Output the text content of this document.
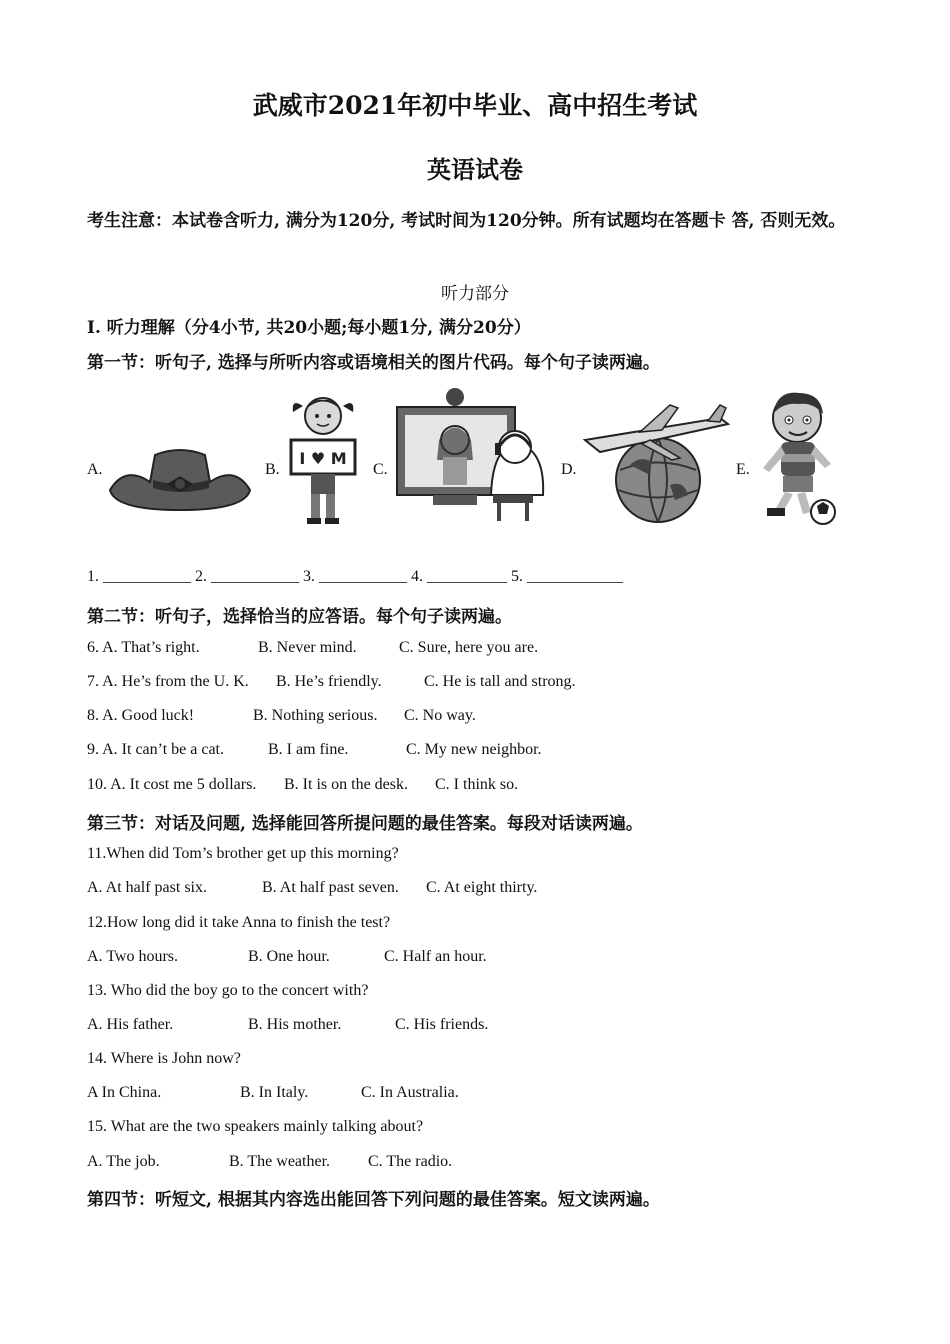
武威市2021年初中毕业、高中招生考试
英语试卷
考生注意：本试卷含听力, 满分为120分, 考试时间为120分钟。所有试题均在答题卡 答, 否则无效。
听力部分
I. 听力理解（分4小节, 共20小题;每小题1分, 满分20分）
第一节：听句子, 选择与所听内容或语境相关的图片代码。每个句子读两遍。
A.	B.
I ♥ M
C.	D.	E.
1. ___________ 2. ___________ 3. ___________ 4. __________ 5. ____________
第二节：听句子，选择恰当的应答语。每个句子读两遍。
6. A. That’s right.	B. Never mind.	C. Sure, here you are.
7. A. He’s from the U. K. B. He’s friendly.	C. He is tall and strong.
8. A. Good luck!	B. Nothing serious. C. No way.
9. A. It can’t be a cat.	B. I am fine.	C. My new neighbor.
10. A. It cost me 5 dollars. B. It is on the desk. C. I think so.
第三节：对话及问题, 选择能回答所提问题的最佳答案。每段对话读两遍。
11.When did Tom’s brother get up this morning?
A. At half past six.	B. At half past seven. C. At eight thirty.
12.How long did it take Anna to finish the test?
A. Two hours.	B. One hour.	C. Half an hour.
13. Who did the boy go to the concert with?
A. His father.	B. His mother.	C. His friends.
14. Where is John now?
A In China.	B. In Italy.	C. In Australia.
15. What are the two speakers mainly talking about?
A. The job.	B. The weather. C. The radio.
第四节：听短文, 根据其内容选出能回答下列问题的最佳答案。短文读两遍。
